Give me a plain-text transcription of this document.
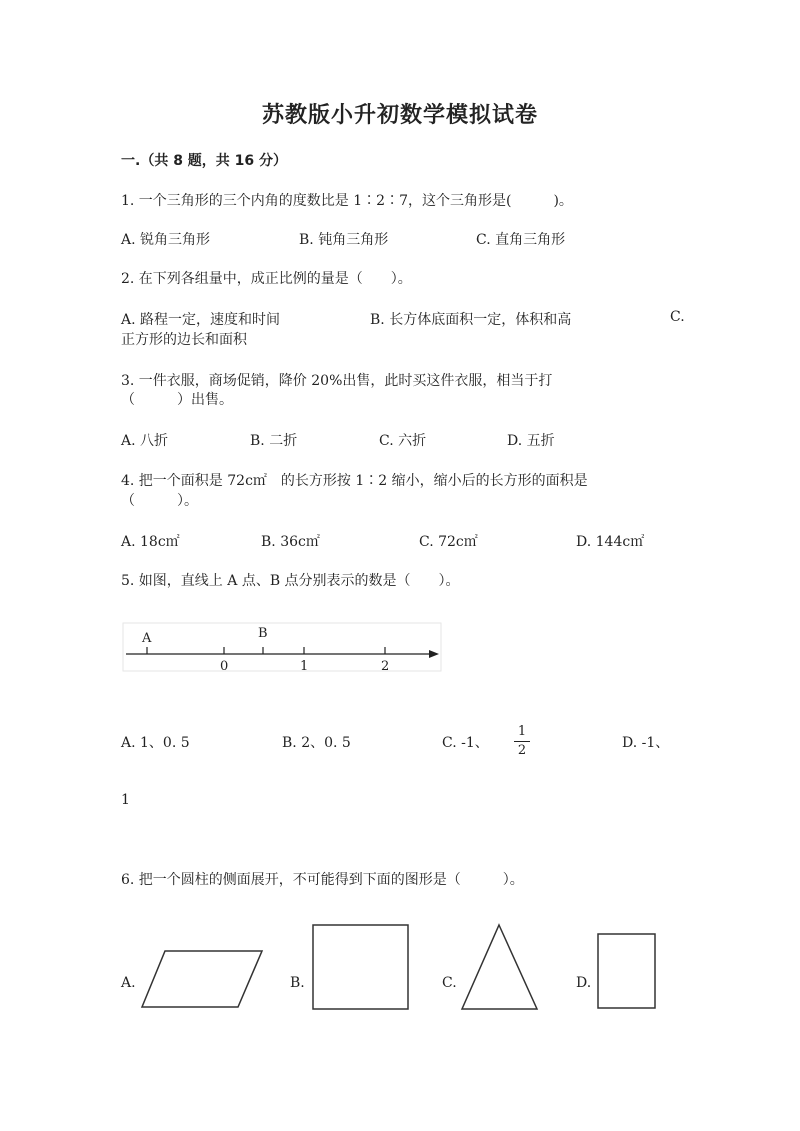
苏教版小升初数学模拟试卷
一.（共 8 题，共 16 分）
1. 一个三角形的三个内角的度数比是 1∶2∶7，这个三角形是(　　　)。
A. 锐角三角形	B. 钝角三角形	C. 直角三角形
2. 在下列各组量中，成正比例的量是（　　）。
A. 路程一定，速度和时间	B. 长方体底面积一定，体积和高	C.
正方形的边长和面积
3. 一件衣服，商场促销，降价 20%出售，此时买这件衣服，相当于打
（　　　）出售。
A. 八折	B. 二折	C. 六折	D. 五折
4. 把一个面积是 72c㎡　的长方形按 1∶2 缩小，缩小后的长方形的面积是
（　　　）。
A. 18c㎡	B. 36c㎡	C. 72c㎡	D. 144c㎡
5. 如图，直线上 A 点、B 点分别表示的数是（　　）。
A	B
0	1	2
A. 1、0. 5	B. 2、0. 5	C. -1、
1
2	D. -1、
1
6. 把一个圆柱的侧面展开，不可能得到下面的图形是（　　　）。
A.	B.	C.	D.
